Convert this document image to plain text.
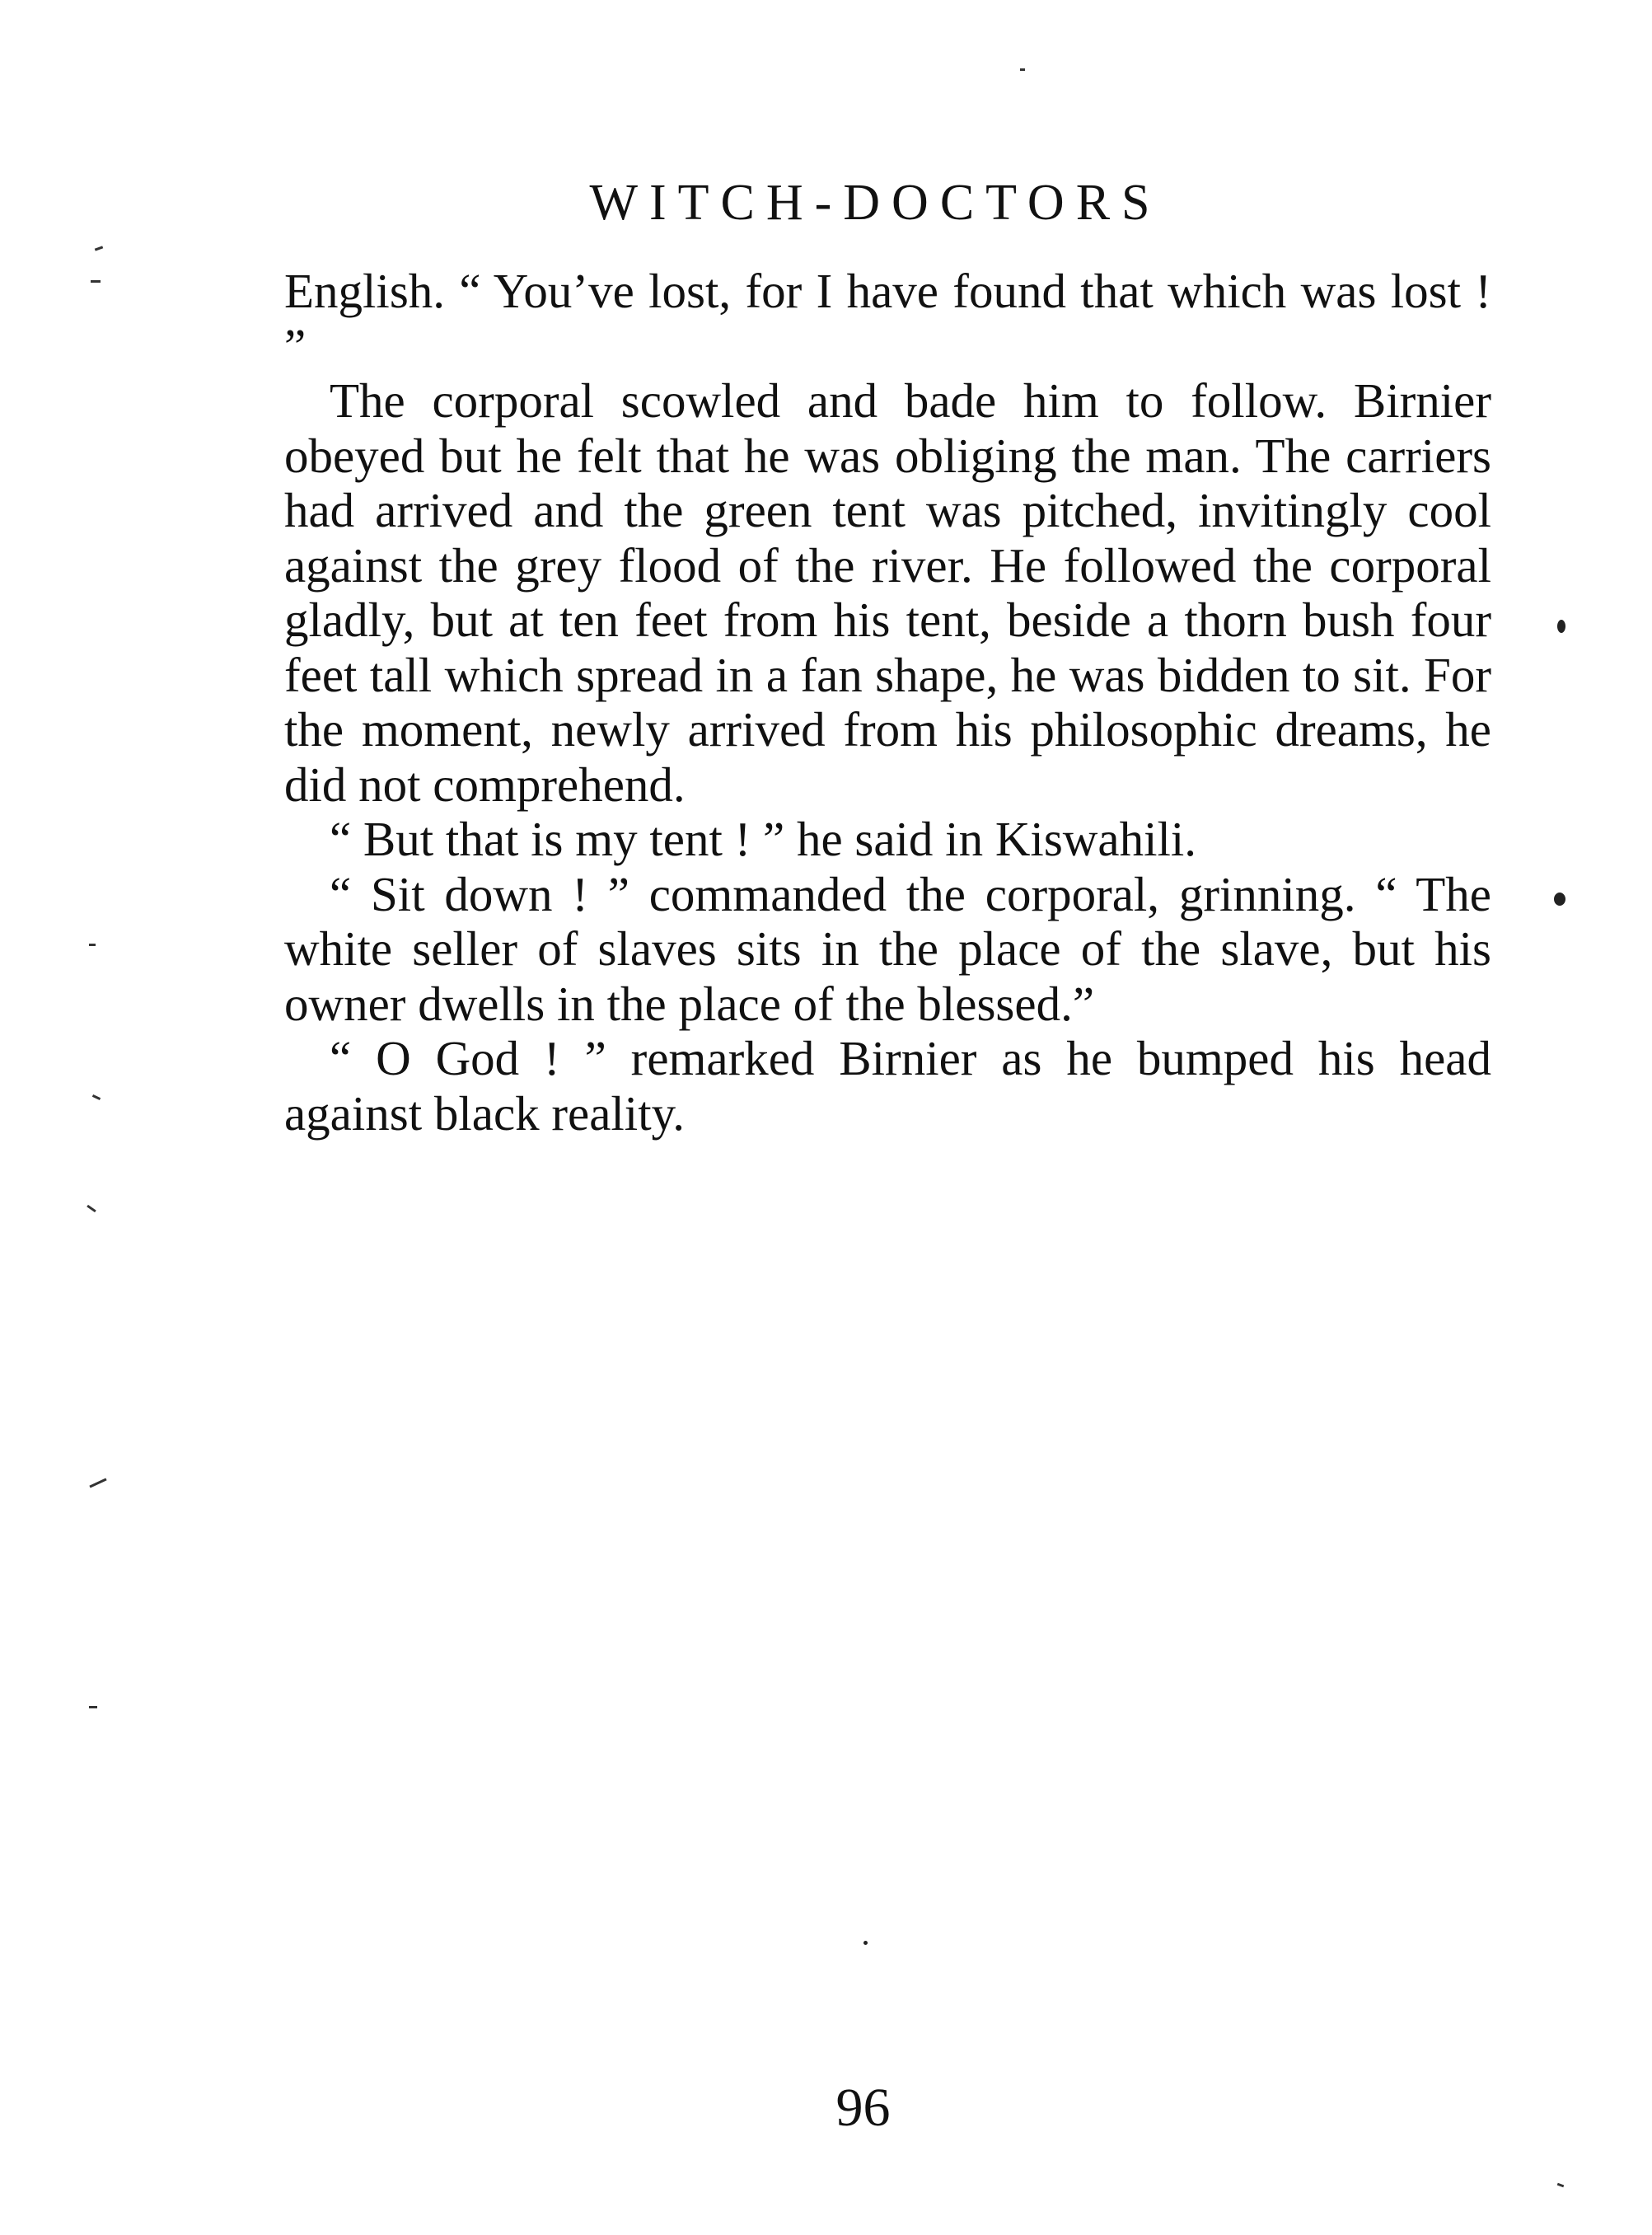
WITCH-DOCTORS

English. “ You’ve lost, for I have found that which was lost ! ”

The corporal scowled and bade him to follow. Birnier obeyed but he felt that he was obliging the man. The carriers had arrived and the green tent was pitched, invitingly cool against the grey flood of the river. He followed the corporal gladly, but at ten feet from his tent, beside a thorn bush four feet tall which spread in a fan shape, he was bidden to sit. For the moment, newly arrived from his philosophic dreams, he did not comprehend.

“ But that is my tent ! ” he said in Kiswahili.

“ Sit down ! ” commanded the corporal, grinning. “ The white seller of slaves sits in the place of the slave, but his owner dwells in the place of the blessed.”

“ O God ! ” remarked Birnier as he bumped his head against black reality.

96
